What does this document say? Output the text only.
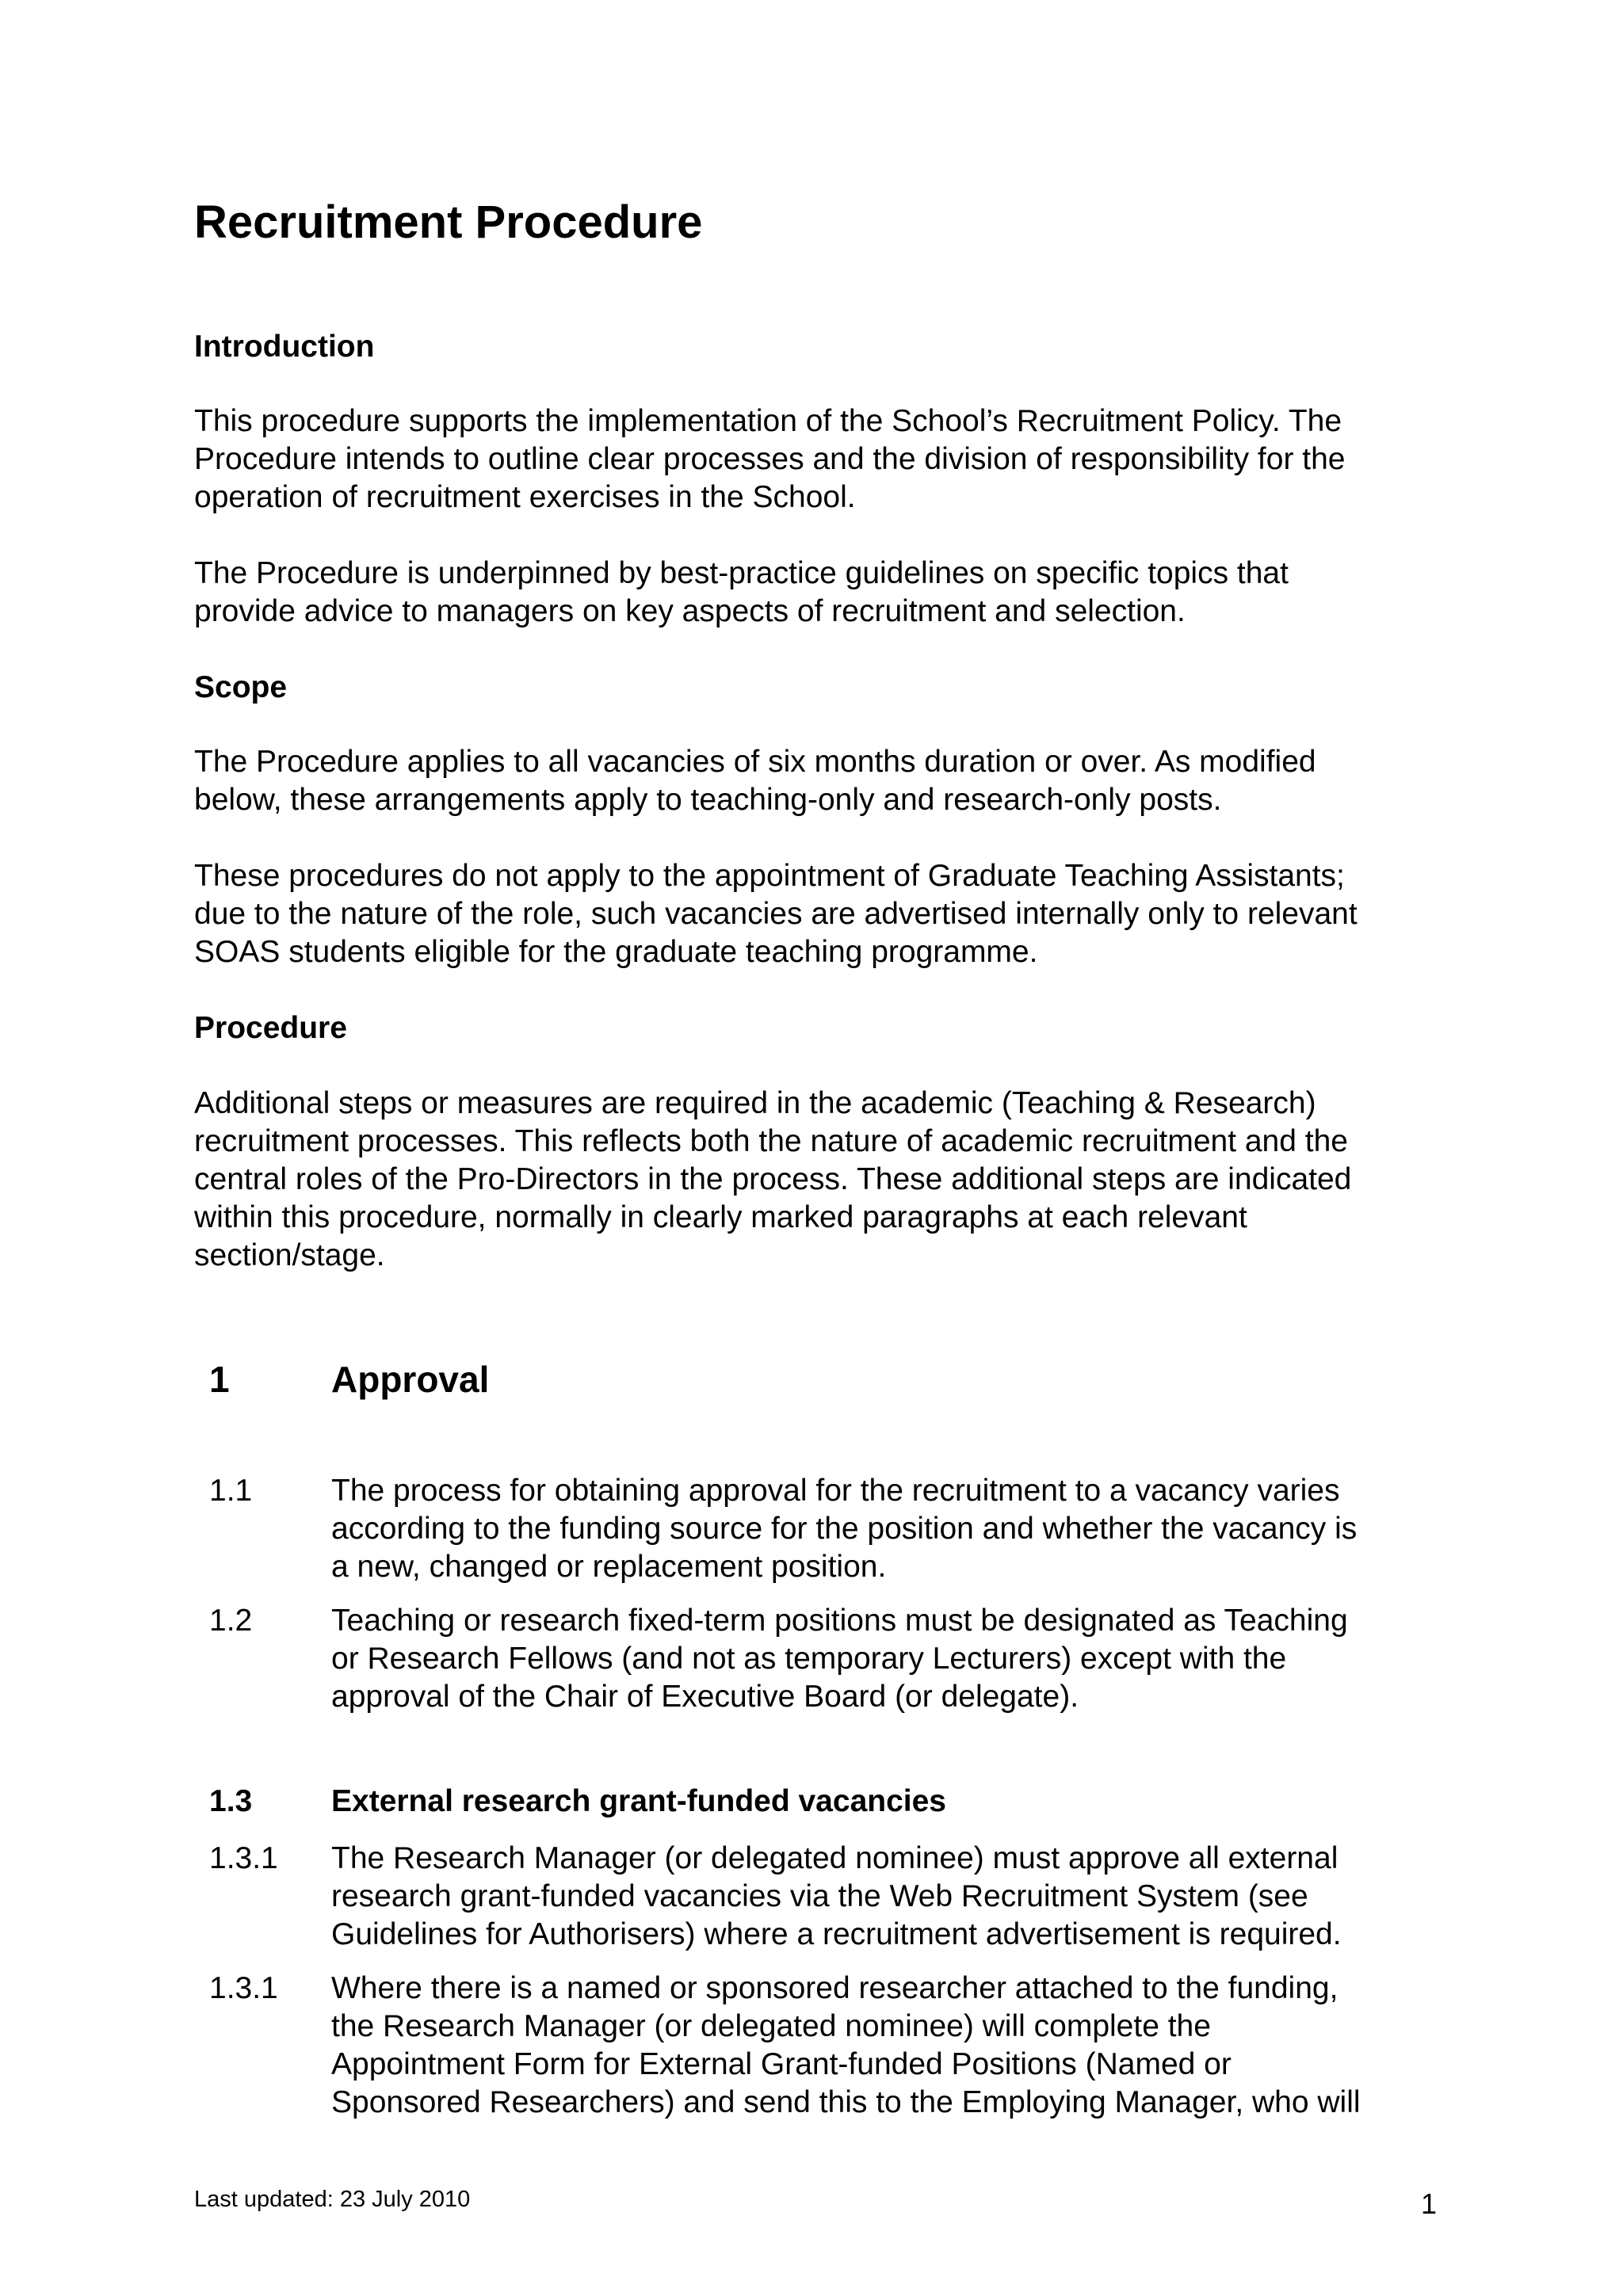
Recruitment Procedure
Introduction
This procedure supports the implementation of the School’s Recruitment Policy. The
Procedure intends to outline clear processes and the division of responsibility for the
operation of recruitment exercises in the School.
The Procedure is underpinned by best-practice guidelines on specific topics that
provide advice to managers on key aspects of recruitment and selection.
Scope
The Procedure applies to all vacancies of six months duration or over. As modified
below, these arrangements apply to teaching-only and research-only posts.
These procedures do not apply to the appointment of Graduate Teaching Assistants;
due to the nature of the role, such vacancies are advertised internally only to relevant
SOAS students eligible for the graduate teaching programme.
Procedure
Additional steps or measures are required in the academic (Teaching & Research)
recruitment processes. This reflects both the nature of academic recruitment and the
central roles of the Pro-Directors in the process. These additional steps are indicated
within this procedure, normally in clearly marked paragraphs at each relevant
section/stage.
1	Approval
1.1	The process for obtaining approval for the recruitment to a vacancy varies
according to the funding source for the position and whether the vacancy is
a new, changed or replacement position.
1.2	Teaching or research fixed-term positions must be designated as Teaching
or Research Fellows (and not as temporary Lecturers) except with the
approval of the Chair of Executive Board (or delegate).
1.3	External research grant-funded vacancies
1.3.1 The Research Manager (or delegated nominee) must approve all external
research grant-funded vacancies via the Web Recruitment System (see
Guidelines for Authorisers) where a recruitment advertisement is required.
1.3.1 Where there is a named or sponsored researcher attached to the funding,
the Research Manager (or delegated nominee) will complete the
Appointment Form for External Grant-funded Positions (Named or
Sponsored Researchers) and send this to the Employing Manager, who will
Last updated: 23 July 2010	1
